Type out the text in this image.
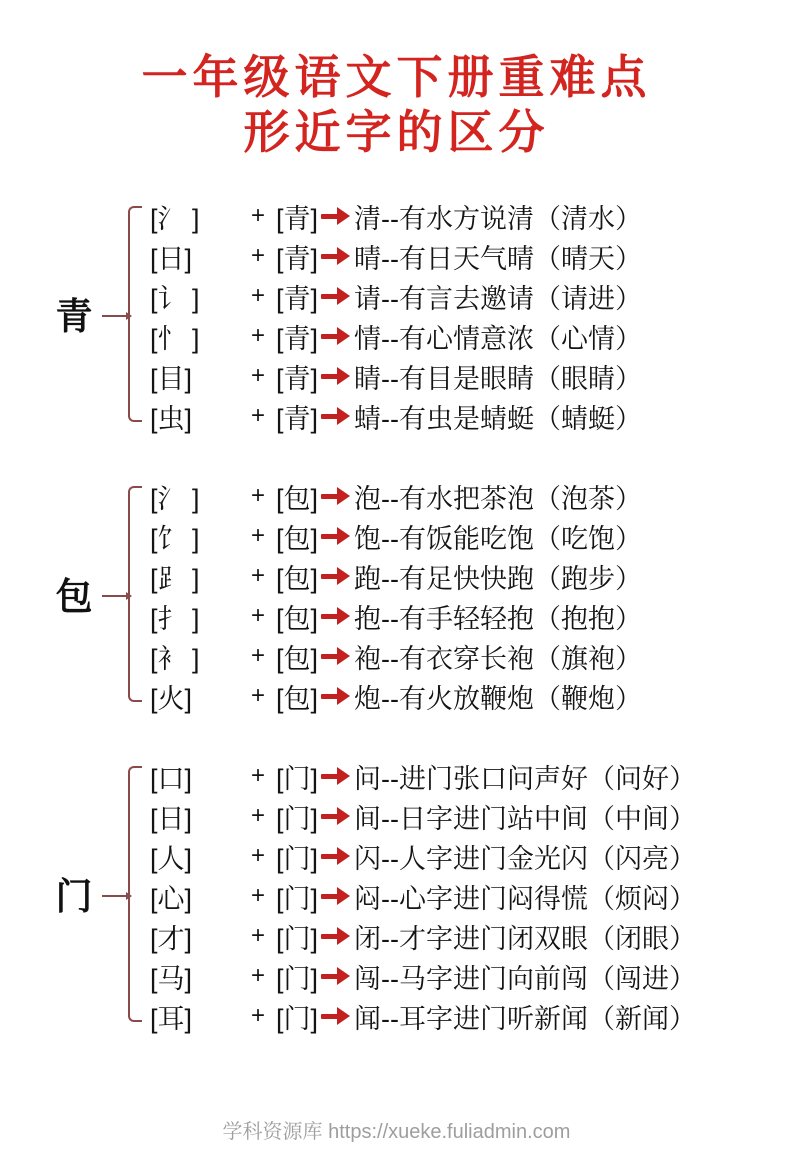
一年级语文下册重难点
形近字的区分
青
[氵 ]	+ [青] 清--有水方说清（清水）
[日]	+ [青] 晴--有日天气晴（晴天）
[讠 ]	+ [青] 请--有言去邀请（请进）
[忄 ]	+ [青] 情--有心情意浓（心情）
[目]	+ [青] 睛--有目是眼睛（眼睛）
[虫]	+ [青] 蜻--有虫是蜻蜓（蜻蜓）
包
[氵 ]	+ [包] 泡--有水把茶泡（泡茶）
[饣 ]	+ [包] 饱--有饭能吃饱（吃饱）
[⻊ ]	+ [包] 跑--有足快快跑（跑步）
[扌 ]	+ [包] 抱--有手轻轻抱（抱抱）
[衤 ]	+ [包] 袍--有衣穿长袍（旗袍）
[火]	+ [包] 炮--有火放鞭炮（鞭炮）
门
[口]	+ [门] 问--进门张口问声好（问好）
[日]	+ [门] 间--日字进门站中间（中间）
[人]	+ [门] 闪--人字进门金光闪（闪亮）
[心]	+ [门] 闷--心字进门闷得慌（烦闷）
[才]	+ [门] 闭--才字进门闭双眼（闭眼）
[马]	+ [门] 闯--马字进门向前闯（闯进）
[耳]	+ [门] 闻--耳字进门听新闻（新闻）
学科资源库 https://xueke.fuliadmin.com
